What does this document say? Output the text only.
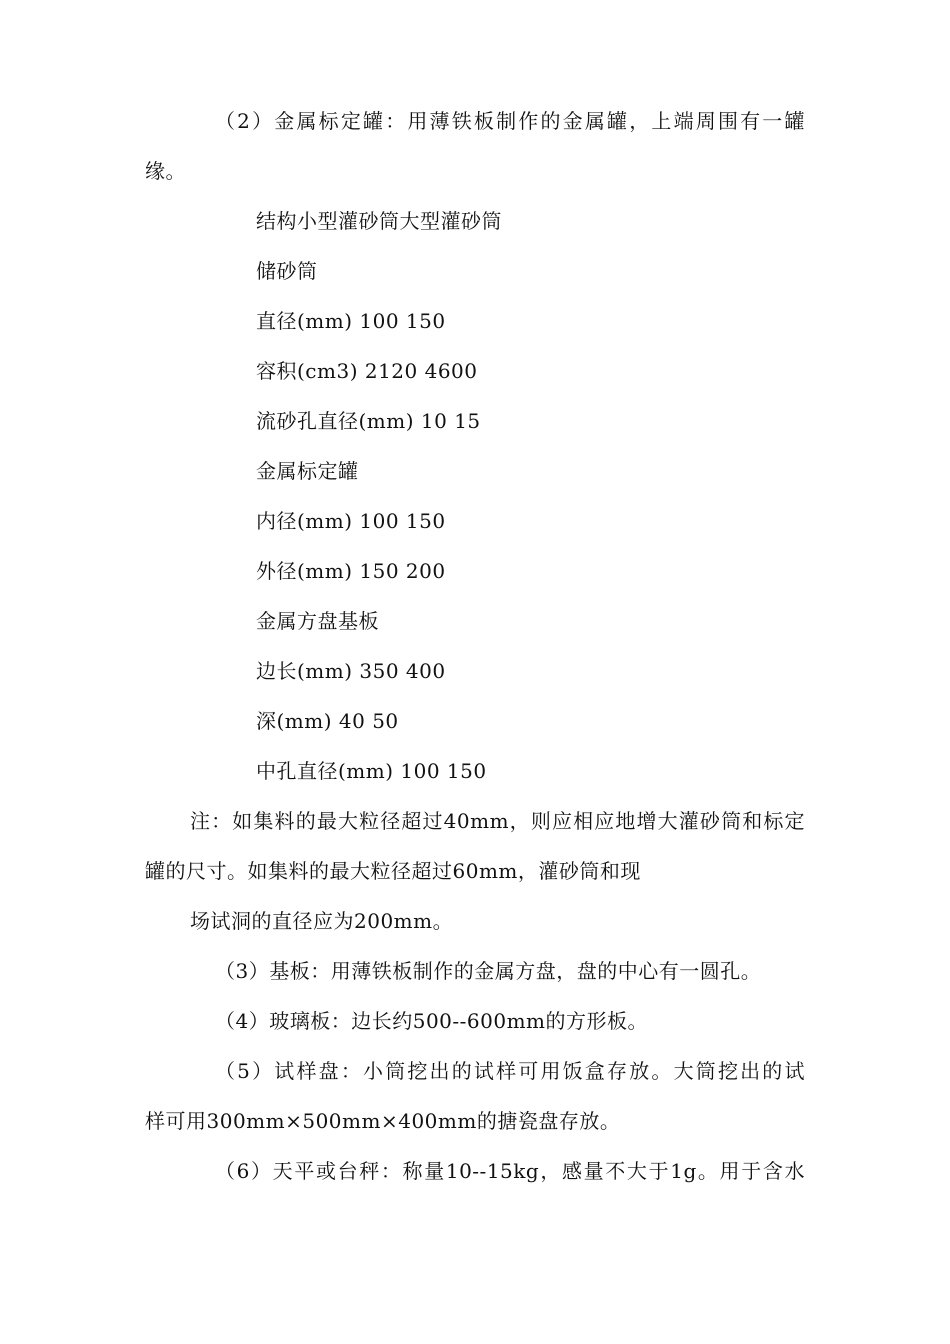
（2）金属标定罐：用薄铁板制作的金属罐，上端周围有一罐
缘。
结构小型灌砂筒大型灌砂筒
储砂筒
直径(mm) 100 150
容积(cm3) 2120 4600
流砂孔直径(mm) 10 15
金属标定罐
内径(mm) 100 150
外径(mm) 150 200
金属方盘基板
边长(mm) 350 400
深(mm) 40 50
中孔直径(mm) 100 150
注：如集料的最大粒径超过40mm，则应相应地增大灌砂筒和标定
罐的尺寸。如集料的最大粒径超过60mm，灌砂筒和现
场试洞的直径应为200mm。
（3）基板：用薄铁板制作的金属方盘，盘的中心有一圆孔。
（4）玻璃板：边长约500--600mm的方形板。
（5）试样盘：小筒挖出的试样可用饭盒存放。大筒挖出的试
样可用300mm×500mm×400mm的搪瓷盘存放。
（6）天平或台秤：称量10--15kg，感量不大于1g。用于含水
